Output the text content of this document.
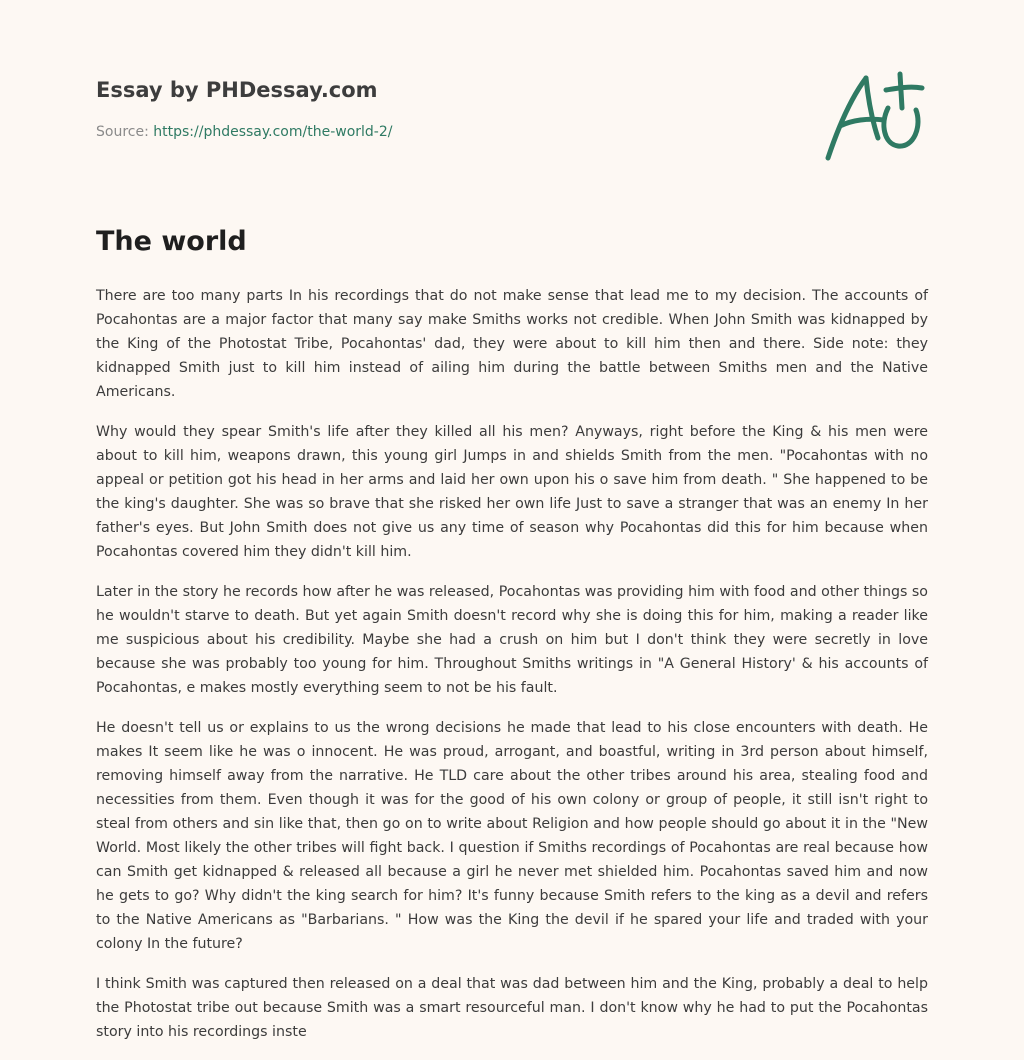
Essay by PHDessay.com
Source: https://phdessay.com/the-world-2/
The world

There are too many parts In his recordings that do not make sense that lead me to my decision. The accounts of Pocahontas are a major factor that many say make Smiths works not credible. When John Smith was kidnapped by the King of the Photostat Tribe, Pocahontas' dad, they were about to kill him then and there. Side note: they kidnapped Smith just to kill him instead of ailing him during the battle between Smiths men and the Native Americans.

Why would they spear Smith's life after they killed all his men? Anyways, right before the King & his men were about to kill him, weapons drawn, this young girl Jumps in and shields Smith from the men. "Pocahontas with no appeal or petition got his head in her arms and laid her own upon his o save him from death. " She happened to be the king's daughter. She was so brave that she risked her own life Just to save a stranger that was an enemy In her father's eyes. But John Smith does not give us any time of season why Pocahontas did this for him because when Pocahontas covered him they didn't kill him.

Later in the story he records how after he was released, Pocahontas was providing him with food and other things so he wouldn't starve to death. But yet again Smith doesn't record why she is doing this for him, making a reader like me suspicious about his credibility. Maybe she had a crush on him but I don't think they were secretly in love because she was probably too young for him. Throughout Smiths writings in "A General History' & his accounts of Pocahontas, e makes mostly everything seem to not be his fault.

He doesn't tell us or explains to us the wrong decisions he made that lead to his close encounters with death. He makes It seem like he was o innocent. He was proud, arrogant, and boastful, writing in 3rd person about himself, removing himself away from the narrative. He TLD care about the other tribes around his area, stealing food and necessities from them. Even though it was for the good of his own colony or group of people, it still isn't right to steal from others and sin like that, then go on to write about Religion and how people should go about it in the "New World. Most likely the other tribes will fight back. I question if Smiths recordings of Pocahontas are real because how can Smith get kidnapped & released all because a girl he never met shielded him. Pocahontas saved him and now he gets to go? Why didn't the king search for him? It's funny because Smith refers to the king as a devil and refers to the Native Americans as "Barbarians. " How was the King the devil if he spared your life and traded with your colony In the future?

I think Smith was captured then released on a deal that was dad between him and the King, probably a deal to help the Photostat tribe out because Smith was a smart resourceful man. I don't know why he had to put the Pocahontas story into his recordings inste
